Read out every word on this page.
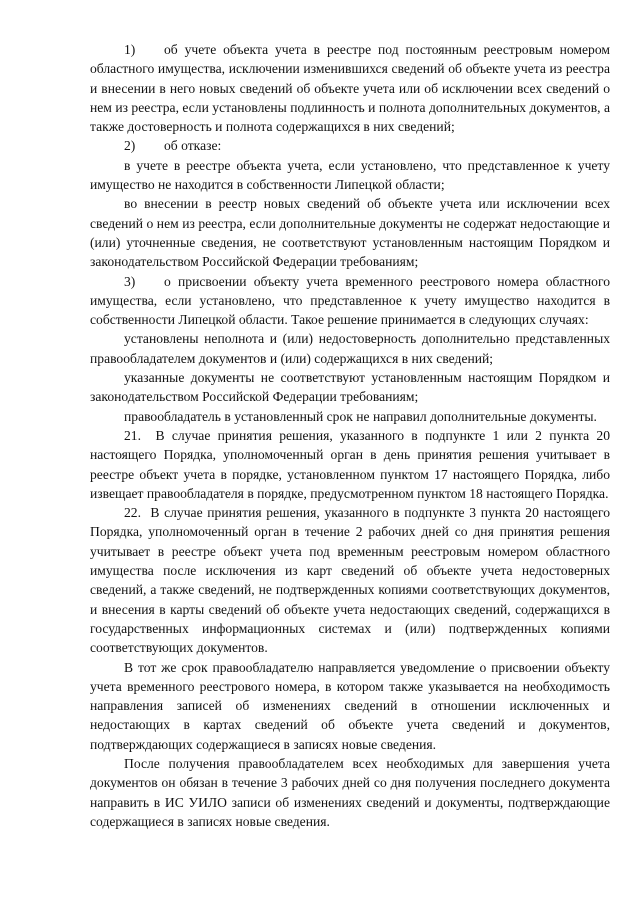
1) об учете объекта учета в реестре под постоянным реестровым номером областного имущества, исключении изменившихся сведений об объекте учета из реестра и внесении в него новых сведений об объекте учета или об исключении всех сведений о нем из реестра, если установлены подлинность и полнота дополнительных документов, а также достоверность и полнота содержащихся в них сведений;

2) об отказе:

в учете в реестре объекта учета, если установлено, что представленное к учету имущество не находится в собственности Липецкой области;

во внесении в реестр новых сведений об объекте учета или исключении всех сведений о нем из реестра, если дополнительные документы не содержат недостающие и (или) уточненные сведения, не соответствуют установленным настоящим Порядком и законодательством Российской Федерации требованиям;

3) о присвоении объекту учета временного реестрового номера областного имущества, если установлено, что представленное к учету имущество находится в собственности Липецкой области. Такое решение принимается в следующих случаях:

установлены неполнота и (или) недостоверность дополнительно представленных правообладателем документов и (или) содержащихся в них сведений;

указанные документы не соответствуют установленным настоящим Порядком и законодательством Российской Федерации требованиям;

правообладатель в установленный срок не направил дополнительные документы.

21. В случае принятия решения, указанного в подпункте 1 или 2 пункта 20 настоящего Порядка, уполномоченный орган в день принятия решения учитывает в реестре объект учета в порядке, установленном пунктом 17 настоящего Порядка, либо извещает правообладателя в порядке, предусмотренном пунктом 18 настоящего Порядка.

22. В случае принятия решения, указанного в подпункте 3 пункта 20 настоящего Порядка, уполномоченный орган в течение 2 рабочих дней со дня принятия решения учитывает в реестре объект учета под временным реестровым номером областного имущества после исключения из карт сведений об объекте учета недостоверных сведений, а также сведений, не подтвержденных копиями соответствующих документов, и внесения в карты сведений об объекте учета недостающих сведений, содержащихся в государственных информационных системах и (или) подтвержденных копиями соответствующих документов.

В тот же срок правообладателю направляется уведомление о присвоении объекту учета временного реестрового номера, в котором также указывается на необходимость направления записей об изменениях сведений в отношении исключенных и недостающих в картах сведений об объекте учета сведений и документов, подтверждающих содержащиеся в записях новые сведения.

После получения правообладателем всех необходимых для завершения учета документов он обязан в течение 3 рабочих дней со дня получения последнего документа направить в ИС УИЛО записи об изменениях сведений и документы, подтверждающие содержащиеся в записях новые сведения.
